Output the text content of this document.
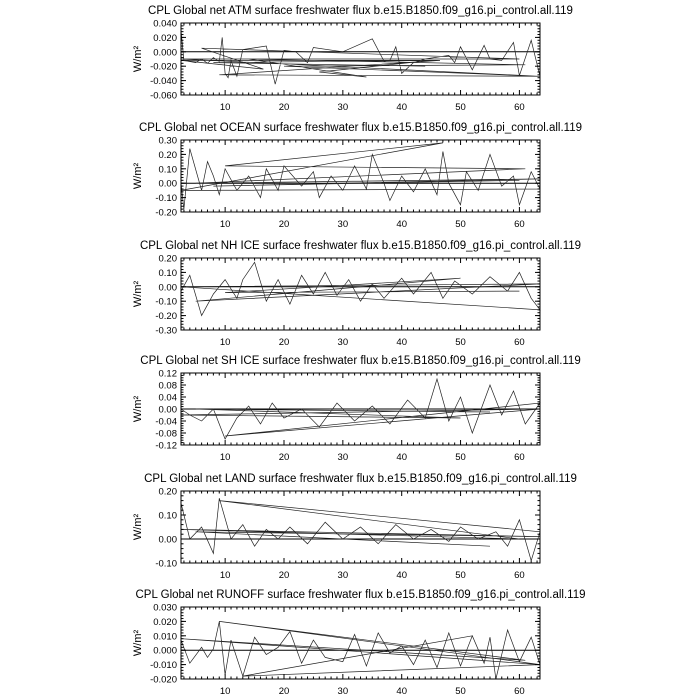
CPL Global net ATM surface freshwater flux b.e15.B1850.f09_g16.pi_control.all.119
-0.060
-0.040
-0.020
0.000
0.020
0.040
10	20	30	40	50	60
W/m²
CPL Global net OCEAN surface freshwater flux b.e15.B1850.f09_g16.pi_control.all.119
-0.20
-0.10
0.00
0.10
0.20
0.30
10	20	30	40	50	60
W/m²
CPL Global net NH ICE surface freshwater flux b.e15.B1850.f09_g16.pi_control.all.119
-0.30
-0.20
-0.10
0.00
0.10
0.20
10	20	30	40	50	60
W/m²
CPL Global net SH ICE surface freshwater flux b.e15.B1850.f09_g16.pi_control.all.119
-0.12
-0.08
-0.04
0.00
0.04
0.08
0.12
10	20	30	40	50	60
W/m²
CPL Global net LAND surface freshwater flux b.e15.B1850.f09_g16.pi_control.all.119
-0.10
0.00
0.10
0.20
10	20	30	40	50	60
W/m²
CPL Global net RUNOFF surface freshwater flux b.e15.B1850.f09_g16.pi_control.all.119
-0.020
-0.010
0.000
0.010
0.020
0.030
10	20	30	40	50	60
W/m²
